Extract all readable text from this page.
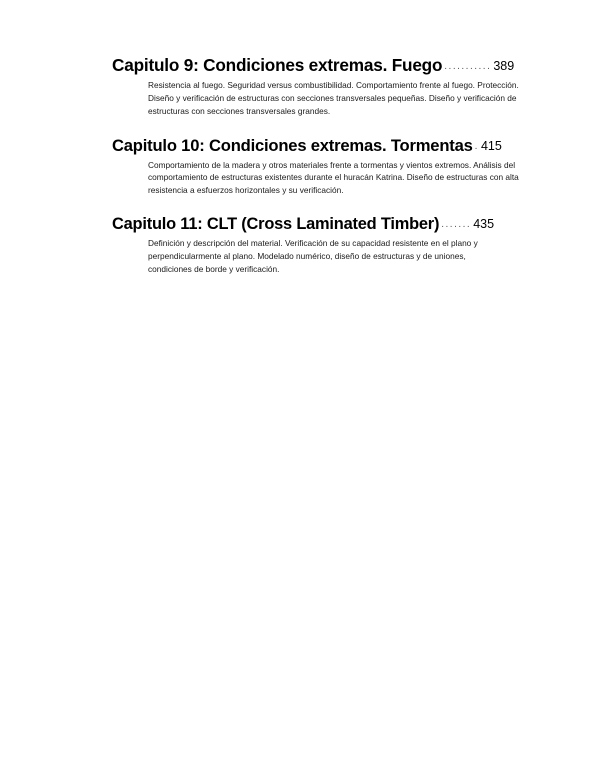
Capitulo 9: Condiciones extremas. Fuego ........... 389
Resistencia al fuego. Seguridad versus combustibilidad. Comportamiento frente al fuego. Protección. Diseño y verificación de estructuras con secciones transversales pequeñas. Diseño y verificación de estructuras con secciones transversales grandes.
Capitulo 10: Condiciones extremas. Tormentas . 415
Comportamiento de la madera y otros materiales frente a tormentas y vientos extremos. Análisis del comportamiento de estructuras existentes durante el huracán Katrina. Diseño de estructuras con alta resistencia a esfuerzos horizontales y su verificación.
Capitulo 11: CLT (Cross Laminated Timber) ....... 435
Definición y descripción del material. Verificación de su capacidad resistente en el plano y perpendicularmente al plano. Modelado numérico, diseño de estructuras y de uniones, condiciones de borde y verificación.
